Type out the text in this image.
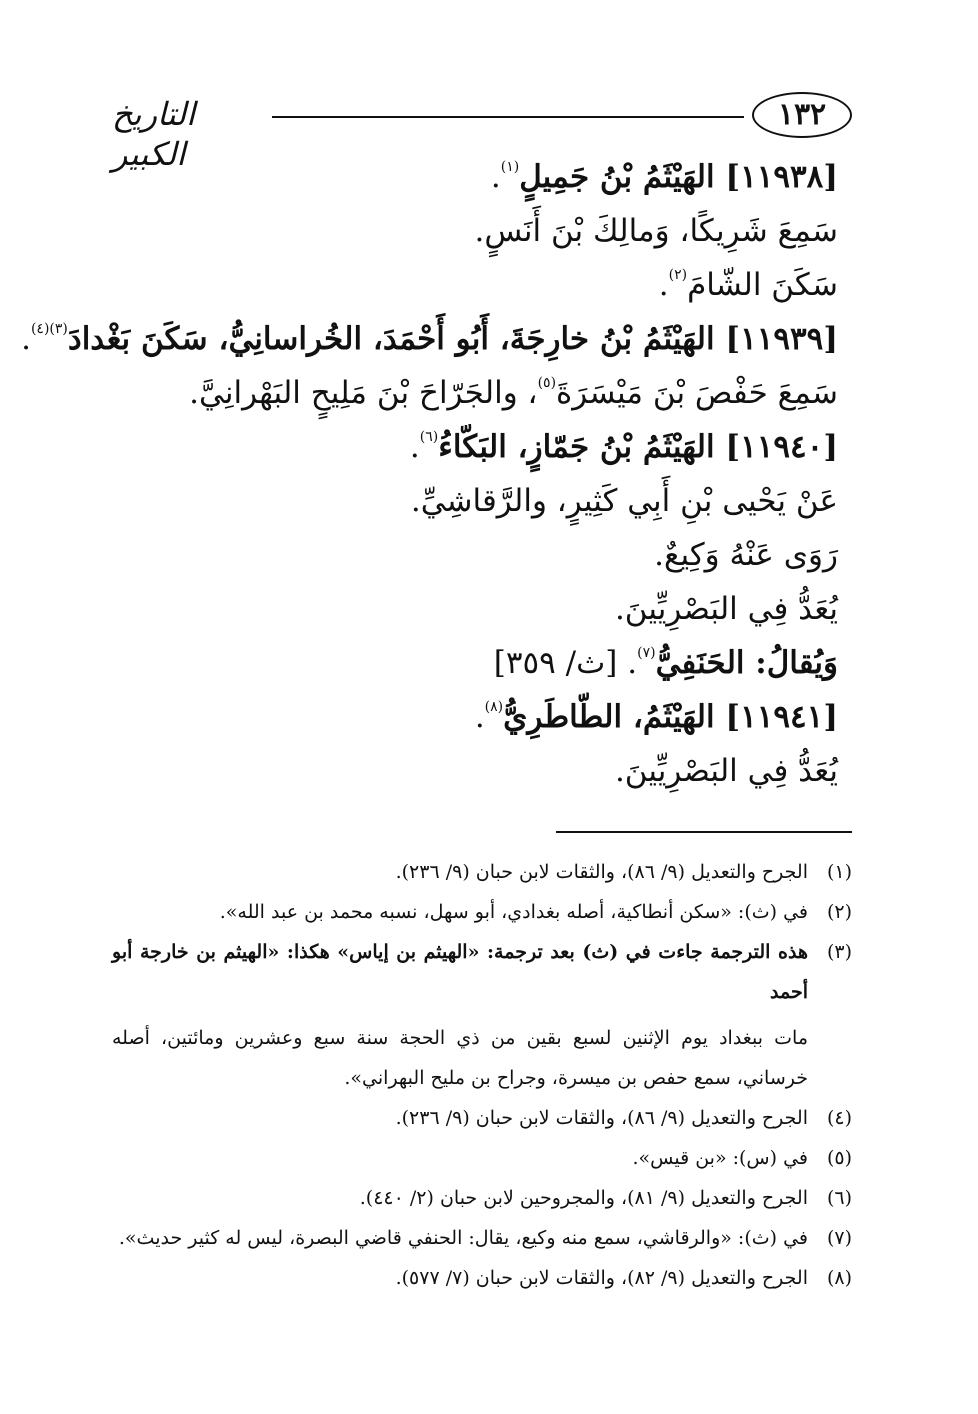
١٣٢
التاريخ الكبير
[١١٩٣٨] الهَيْثَمُ بْنُ جَمِيلٍ$^{(١)}$.
سَمِعَ شَرِيكًا، وَمالِكَ بْنَ أَنَسٍ.
سَكَنَ الشّامَ$^{(٢)}$.
[١١٩٣٩] الهَيْثَمُ بْنُ خارِجَةَ، أَبُو أَحْمَدَ، الخُراسانِيُّ، سَكَنَ بَغْدادَ$^{(٣)(٤)}$.
سَمِعَ حَفْصَ بْنَ مَيْسَرَةَ$^{(٥)}$، والجَرّاحَ بْنَ مَلِيحٍ البَهْرانِيَّ.
[١١٩٤٠] الهَيْثَمُ بْنُ جَمّازٍ، البَكّاءُ$^{(٦)}$.
عَنْ يَحْيى بْنِ أَبِي كَثِيرٍ، والرَّقاشِيِّ.
رَوَى عَنْهُ وَكِيعٌ.
يُعَدُّ فِي البَصْرِيِّينَ.
وَيُقالُ: الحَنَفِيُّ$^{(٧)}$. [ث/ ٣٥٩]
[١١٩٤١] الهَيْثَمُ، الطّاطَرِيُّ$^{(٨)}$.
يُعَدُّ فِي البَصْرِيِّينَ.
(١)
الجرح والتعديل (٩/ ٨٦)، والثقات لابن حبان (٩/ ٢٣٦).
(٢)
في (ث): «سكن أنطاكية، أصله بغدادي، أبو سهل، نسبه محمد بن عبد الله».
(٣)
هذه الترجمة جاءت في (ث) بعد ترجمة: «الهيثم بن إياس» هكذا: «الهيثم بن خارجة أبو أحمد
مات ببغداد يوم الإثنين لسبع بقين من ذي الحجة سنة سبع وعشرين ومائتين، أصله خرساني، سمع حفص بن ميسرة، وجراح بن مليح البهراني».
(٤)
الجرح والتعديل (٩/ ٨٦)، والثقات لابن حبان (٩/ ٢٣٦).
(٥)
في (س): «بن قيس».
(٦)
الجرح والتعديل (٩/ ٨١)، والمجروحين لابن حبان (٢/ ٤٤٠).
(٧)
في (ث): «والرقاشي، سمع منه وكيع، يقال: الحنفي قاضي البصرة، ليس له كثير حديث».
(٨)
الجرح والتعديل (٩/ ٨٢)، والثقات لابن حبان (٧/ ٥٧٧).
